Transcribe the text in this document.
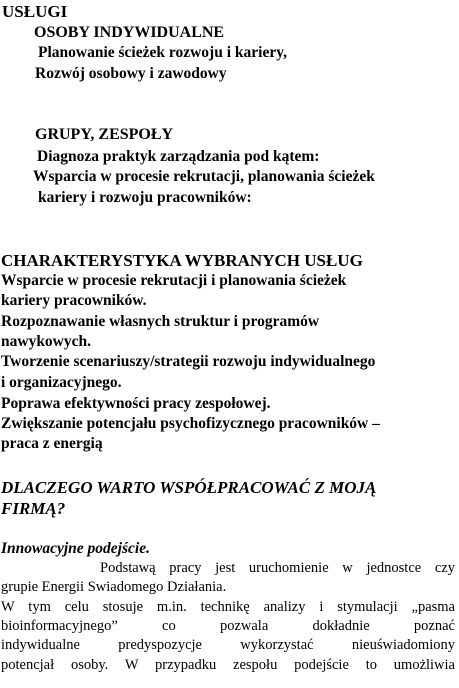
USŁUGI
OSOBY INDYWIDUALNE
Planowanie ścieżek rozwoju i kariery,
Rozwój osobowy i zawodowy
GRUPY, ZESPOŁY
Diagnoza praktyk zarządzania pod kątem:
Wsparcia w procesie rekrutacji, planowania ścieżek
kariery i rozwoju pracowników:
CHARAKTERYSTYKA WYBRANYCH USŁUG
Wsparcie w procesie rekrutacji i planowania ścieżek
kariery pracowników.
Rozpoznawanie własnych struktur i programów
nawykowych.
Tworzenie scenariuszy/strategii rozwoju indywidualnego
i organizacyjnego.
Poprawa efektywności pracy zespołowej.
Zwiększanie potencjału psychofizycznego pracowników –
praca z energią
DLACZEGO WARTO WSPÓŁPRACOWAĆ Z MOJĄ
FIRMĄ?
Innowacyjne podejście.
Podstawą pracy jest uruchomienie w jednostce czy
grupie Energii Swiadomego Działania.
W tym celu stosuje m.in. technikę analizy i stymulacji „pasma
bioinformacyjnego” co pozwala dokładnie poznać
indywidualne predyspozycje wykorzystać nieuświadomiony
potencjał osoby. W przypadku zespołu podejście to umożliwia
